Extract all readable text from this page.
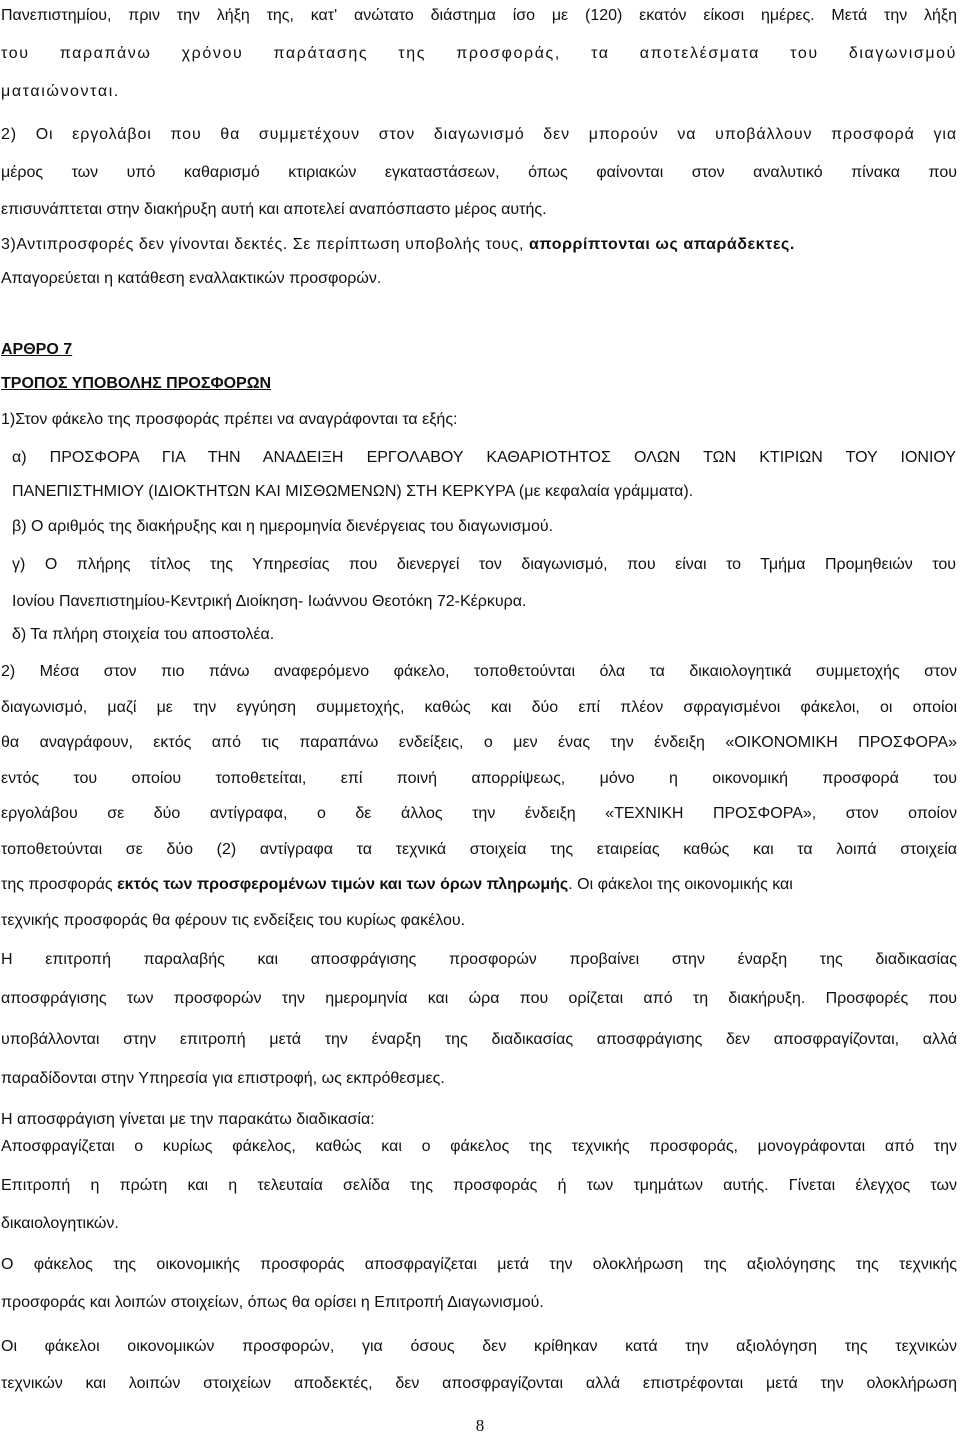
Πανεπιστημίου, πριν την λήξη της, κατ' ανώτατο διάστημα ίσο με (120) εκατόν είκοσι ημέρες. Μετά την λήξη
του παραπάνω χρόνου παράτασης της προσφοράς, τα αποτελέσματα του διαγωνισμού
ματαιώνονται.
2) Οι εργολάβοι που θα συμμετέχουν στον διαγωνισμό δεν μπορούν να υποβάλλουν προσφορά για
μέρος των υπό καθαρισμό κτιριακών εγκαταστάσεων, όπως φαίνονται στον αναλυτικό πίνακα που
επισυνάπτεται στην διακήρυξη αυτή και αποτελεί αναπόσπαστο μέρος αυτής.
3)Αντιπροσφορές δεν γίνονται δεκτές. Σε περίπτωση υποβολής τους, απορρίπτονται ως απαράδεκτες.
Απαγορεύεται η κατάθεση εναλλακτικών προσφορών.
ΑΡΘΡΟ 7
ΤΡΟΠΟΣ ΥΠΟΒΟΛΗΣ ΠΡΟΣΦΟΡΩΝ
1)Στον φάκελο της προσφοράς πρέπει να αναγράφονται τα εξής:
α) ΠΡΟΣΦΟΡΑ ΓΙΑ ΤΗΝ ΑΝΑΔΕΙΞΗ ΕΡΓΟΛΑΒΟΥ ΚΑΘΑΡΙΟΤΗΤΟΣ ΟΛΩΝ ΤΩΝ ΚΤΙΡΙΩΝ ΤΟΥ ΙΟΝΙΟΥ
ΠΑΝΕΠΙΣΤΗΜΙΟΥ (ΙΔΙΟΚΤΗΤΩΝ ΚΑΙ ΜΙΣΘΩΜΕΝΩΝ) ΣΤΗ ΚΕΡΚΥΡΑ (με κεφαλαία γράμματα).
β) Ο αριθμός της διακήρυξης και η ημερομηνία διενέργειας του διαγωνισμού.
γ) Ο πλήρης τίτλος της Υπηρεσίας που διενεργεί τον διαγωνισμό, που είναι το Τμήμα Προμηθειών του
Ιονίου Πανεπιστημίου-Κεντρική Διοίκηση- Ιωάννου Θεοτόκη 72-Κέρκυρα.
δ) Τα πλήρη στοιχεία του αποστολέα.
2) Μέσα στον πιο πάνω αναφερόμενο φάκελο, τοποθετούνται όλα τα δικαιολογητικά συμμετοχής στον
διαγωνισμό, μαζί με την εγγύηση συμμετοχής, καθώς και δύο επί πλέον σφραγισμένοι φάκελοι, οι οποίοι
θα αναγράφουν, εκτός από τις παραπάνω ενδείξεις, ο μεν ένας την ένδειξη «ΟΙΚΟΝΟΜΙΚΗ ΠΡΟΣΦΟΡΑ»
εντός του οποίου τοποθετείται, επί ποινή απορρίψεως, μόνο η οικονομική προσφορά του
εργολάβου σε δύο αντίγραφα, ο δε άλλος την ένδειξη «ΤΕΧΝΙΚΗ ΠΡΟΣΦΟΡΑ», στον οποίον
τοποθετούνται σε δύο (2) αντίγραφα τα τεχνικά στοιχεία της εταιρείας καθώς και τα λοιπά στοιχεία
της προσφοράς εκτός των προσφερομένων τιμών και των όρων πληρωμής. Οι φάκελοι της οικονομικής και
τεχνικής προσφοράς θα φέρουν τις ενδείξεις του κυρίως φακέλου.
Η επιτροπή παραλαβής και αποσφράγισης προσφορών προβαίνει στην έναρξη της διαδικασίας
αποσφράγισης των προσφορών την ημερομηνία και ώρα που ορίζεται από τη διακήρυξη. Προσφορές που
υποβάλλονται στην επιτροπή μετά την έναρξη της διαδικασίας αποσφράγισης δεν αποσφραγίζονται, αλλά
παραδίδονται στην Υπηρεσία για επιστροφή, ως εκπρόθεσμες.
Η αποσφράγιση γίνεται με την παρακάτω διαδικασία:
Αποσφραγίζεται ο κυρίως φάκελος, καθώς και ο φάκελος της τεχνικής προσφοράς, μονογράφονται από την
Επιτροπή η πρώτη και η τελευταία σελίδα της προσφοράς ή των τμημάτων αυτής. Γίνεται έλεγχος των
δικαιολογητικών.
Ο φάκελος της οικονομικής προσφοράς αποσφραγίζεται μετά την ολοκλήρωση της αξιολόγησης της τεχνικής
προσφοράς και λοιπών στοιχείων, όπως θα ορίσει η Επιτροπή Διαγωνισμού.
Οι φάκελοι οικονομικών προσφορών, για όσους δεν κρίθηκαν κατά την αξιολόγηση της τεχνικών
τεχνικών και λοιπών στοιχείων αποδεκτές, δεν αποσφραγίζονται αλλά επιστρέφονται μετά την ολοκλήρωση
8
